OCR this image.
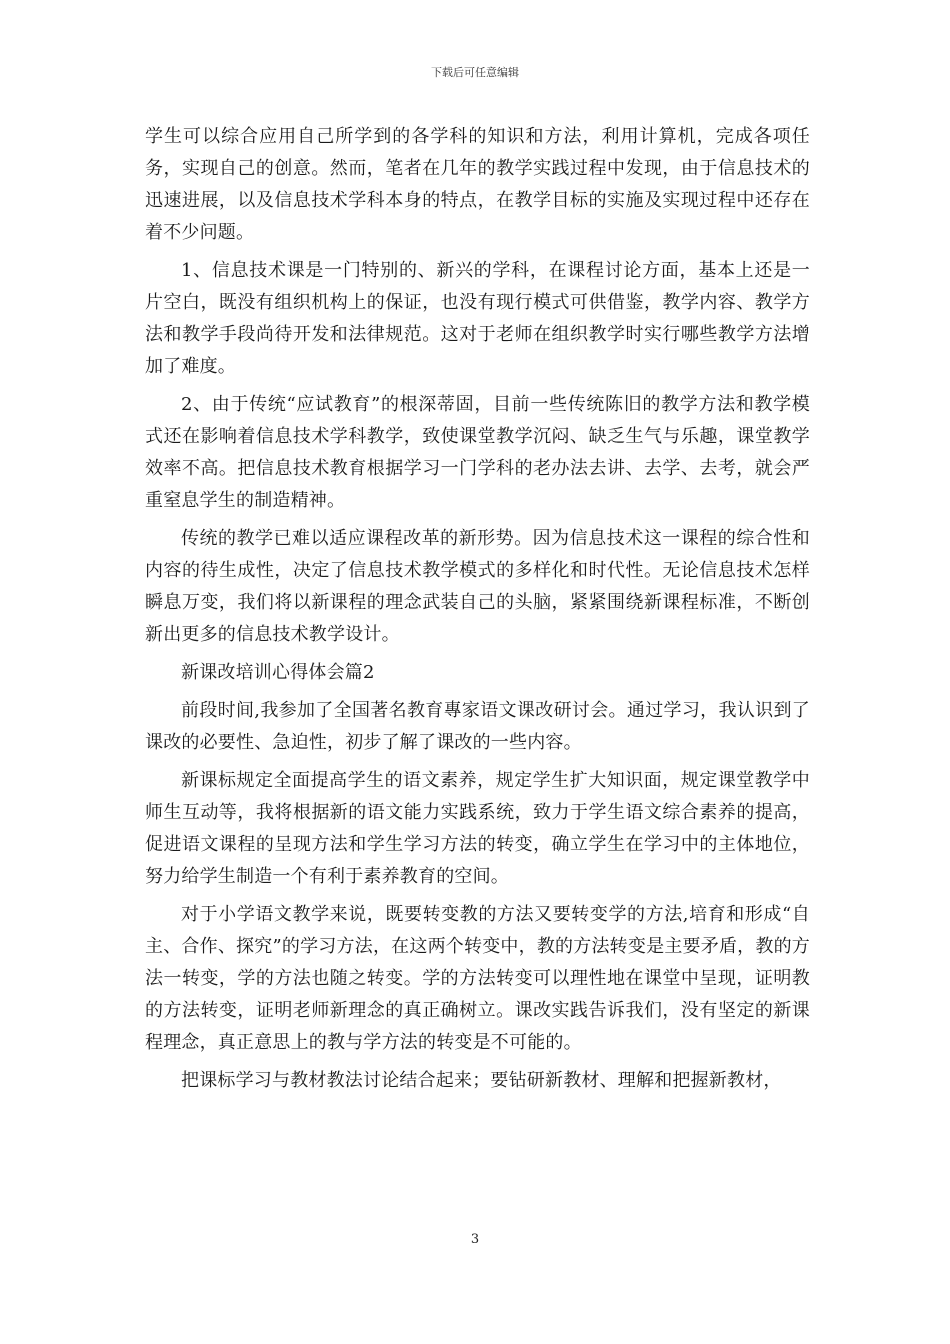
下载后可任意编辑

学生可以综合应用自己所学到的各学科的知识和方法，利用计算机，完成各项任务，实现自己的创意。然而，笔者在几年的教学实践过程中发现，由于信息技术的迅速进展，以及信息技术学科本身的特点，在教学目标的实施及实现过程中还存在着不少问题。

1、信息技术课是一门特别的、新兴的学科，在课程讨论方面，基本上还是一片空白，既没有组织机构上的保证，也没有现行模式可供借鉴，教学内容、教学方法和教学手段尚待开发和法律规范。这对于老师在组织教学时实行哪些教学方法增加了难度。

2、由于传统“应试教育”的根深蒂固，目前一些传统陈旧的教学方法和教学模式还在影响着信息技术学科教学，致使课堂教学沉闷、缺乏生气与乐趣，课堂教学效率不高。把信息技术教育根据学习一门学科的老办法去讲、去学、去考，就会严重窒息学生的制造精神。

传统的教学已难以适应课程改革的新形势。因为信息技术这一课程的综合性和内容的待生成性，决定了信息技术教学模式的多样化和时代性。无论信息技术怎样瞬息万变，我们将以新课程的理念武装自己的头脑，紧紧围绕新课程标准，不断创新出更多的信息技术教学设计。

新课改培训心得体会篇2

前段时间,我参加了全国著名教育專家语文课改研讨会。通过学习，我认识到了课改的必要性、急迫性，初步了解了课改的一些内容。

新课标规定全面提高学生的语文素养，规定学生扩大知识面，规定课堂教学中师生互动等，我将根据新的语文能力实践系统，致力于学生语文综合素养的提高，促进语文课程的呈现方法和学生学习方法的转变，确立学生在学习中的主体地位，努力给学生制造一个有利于素养教育的空间。

对于小学语文教学来说，既要转变教的方法又要转变学的方法,培育和形成“自主、合作、探究”的学习方法，在这两个转变中，教的方法转变是主要矛盾，教的方法一转变，学的方法也随之转变。学的方法转变可以理性地在课堂中呈现，证明教的方法转变，证明老师新理念的真正确树立。课改实践告诉我们，没有坚定的新课程理念，真正意思上的教与学方法的转变是不可能的。

把课标学习与教材教法讨论结合起来；要钻研新教材、理解和把握新教材，

3
